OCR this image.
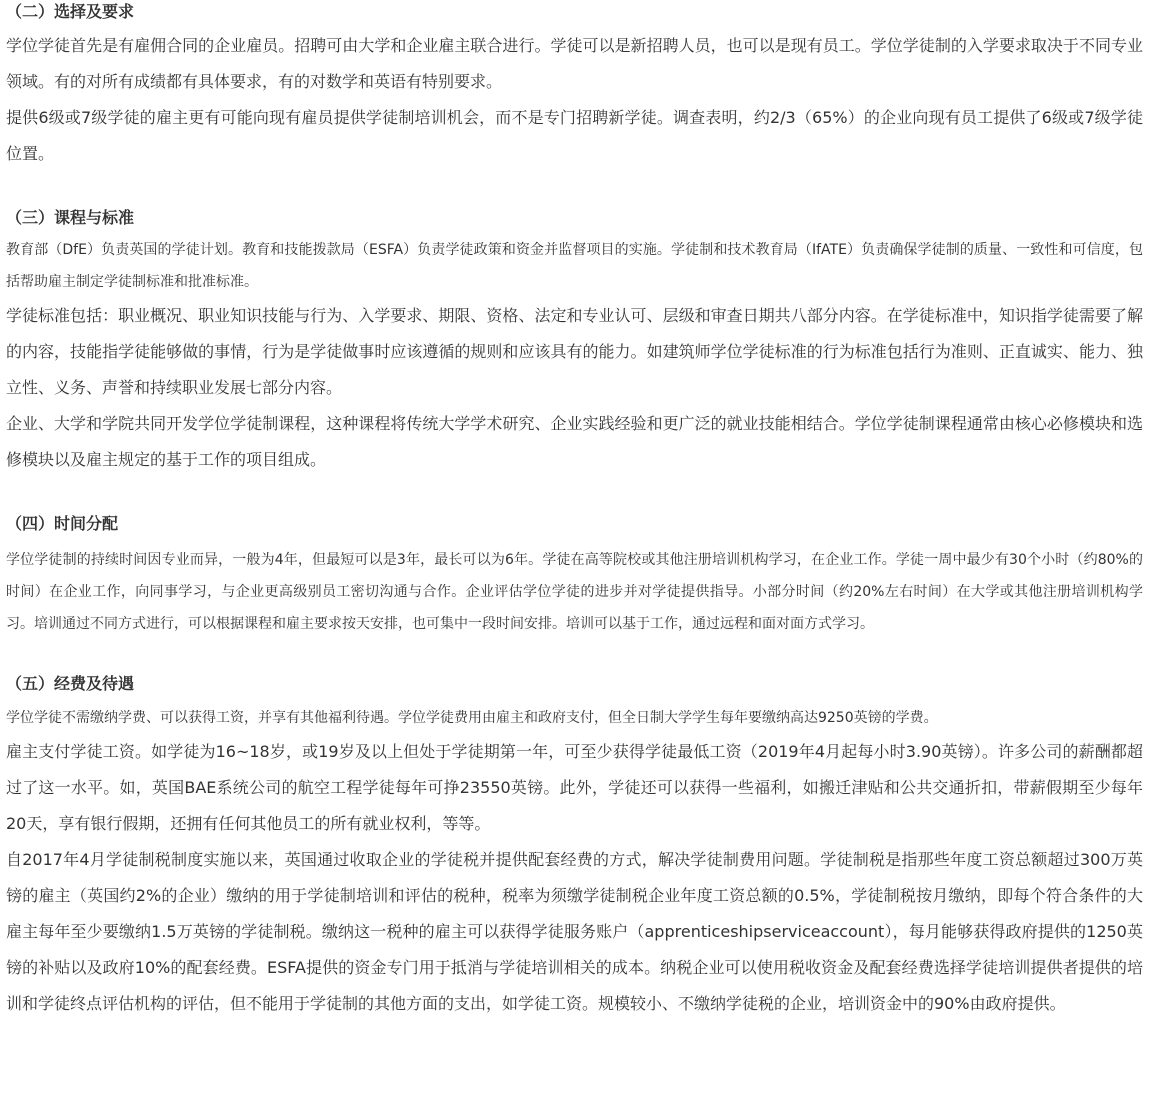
（二）选择及要求

学位学徒首先是有雇佣合同的企业雇员。招聘可由大学和企业雇主联合进行。学徒可以是新招聘人员，也可以是现有员工。学位学徒制的入学要求取决于不同专业领域。有的对所有成绩都有具体要求，有的对数学和英语有特别要求。

提供6级或7级学徒的雇主更有可能向现有雇员提供学徒制培训机会，而不是专门招聘新学徒。调查表明，约2/3（65%）的企业向现有员工提供了6级或7级学徒位置。

（三）课程与标准

教育部（DfE）负责英国的学徒计划。教育和技能拨款局（ESFA）负责学徒政策和资金并监督项目的实施。学徒制和技术教育局（IfATE）负责确保学徒制的质量、一致性和可信度，包括帮助雇主制定学徒制标准和批准标准。

学徒标准包括：职业概况、职业知识技能与行为、入学要求、期限、资格、法定和专业认可、层级和审查日期共八部分内容。在学徒标准中，知识指学徒需要了解的内容，技能指学徒能够做的事情，行为是学徒做事时应该遵循的规则和应该具有的能力。如建筑师学位学徒标准的行为标准包括行为准则、正直诚实、能力、独立性、义务、声誉和持续职业发展七部分内容。

企业、大学和学院共同开发学位学徒制课程，这种课程将传统大学学术研究、企业实践经验和更广泛的就业技能相结合。学位学徒制课程通常由核心必修模块和选修模块以及雇主规定的基于工作的项目组成。

（四）时间分配

学位学徒制的持续时间因专业而异，一般为4年，但最短可以是3年，最长可以为6年。学徒在高等院校或其他注册培训机构学习，在企业工作。学徒一周中最少有30个小时（约80%的时间）在企业工作，向同事学习，与企业更高级别员工密切沟通与合作。企业评估学位学徒的进步并对学徒提供指导。小部分时间（约20%左右时间）在大学或其他注册培训机构学习。培训通过不同方式进行，可以根据课程和雇主要求按天安排，也可集中一段时间安排。培训可以基于工作，通过远程和面对面方式学习。

（五）经费及待遇

学位学徒不需缴纳学费、可以获得工资，并享有其他福利待遇。学位学徒费用由雇主和政府支付，但全日制大学学生每年要缴纳高达9250英镑的学费。

雇主支付学徒工资。如学徒为16~18岁，或19岁及以上但处于学徒期第一年，可至少获得学徒最低工资（2019年4月起每小时3.90英镑）。许多公司的薪酬都超过了这一水平。如，英国BAE系统公司的航空工程学徒每年可挣23550英镑。此外，学徒还可以获得一些福利，如搬迁津贴和公共交通折扣，带薪假期至少每年20天，享有银行假期，还拥有任何其他员工的所有就业权利，等等。

自2017年4月学徒制税制度实施以来，英国通过收取企业的学徒税并提供配套经费的方式，解决学徒制费用问题。学徒制税是指那些年度工资总额超过300万英镑的雇主（英国约2%的企业）缴纳的用于学徒制培训和评估的税种，税率为须缴学徒制税企业年度工资总额的0.5%，学徒制税按月缴纳，即每个符合条件的大雇主每年至少要缴纳1.5万英镑的学徒制税。缴纳这一税种的雇主可以获得学徒服务账户（apprenticeshipserviceaccount），每月能够获得政府提供的1250英镑的补贴以及政府10%的配套经费。ESFA提供的资金专门用于抵消与学徒培训相关的成本。纳税企业可以使用税收资金及配套经费选择学徒培训提供者提供的培训和学徒终点评估机构的评估，但不能用于学徒制的其他方面的支出，如学徒工资。规模较小、不缴纳学徒税的企业，培训资金中的90%由政府提供。
